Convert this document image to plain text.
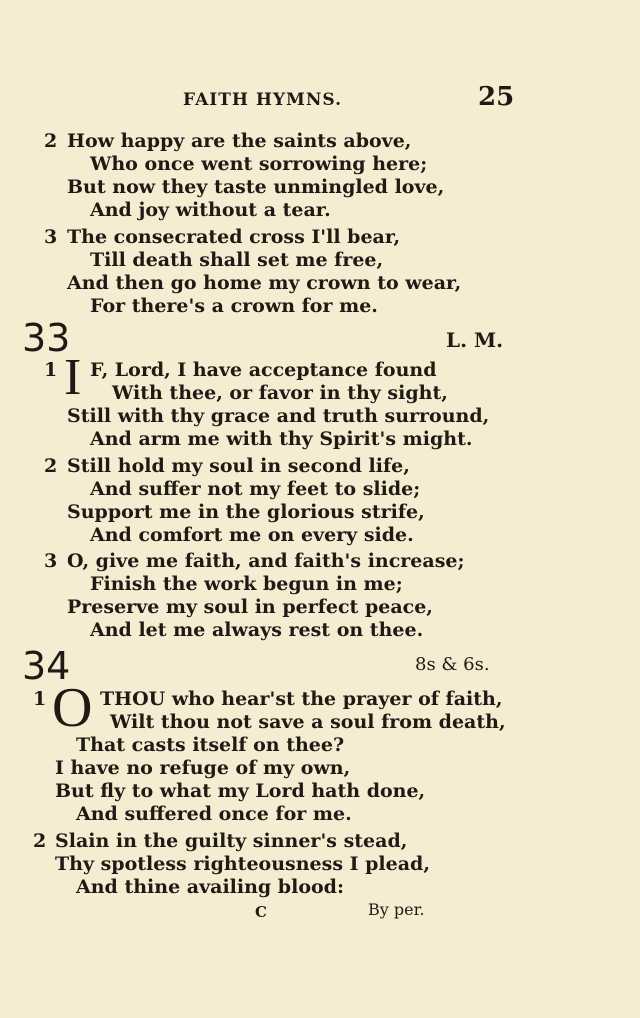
FAITH HYMNS.	25
2 How happy are the saints above,
Who once went sorrowing here;
But now they taste unmingled love,
And joy without a tear.
3 The consecrated cross I'll bear,
Till death shall set me free,
And then go home my crown to wear,
For there's a crown for me.
33	L. M.
1 I F, Lord, I have acceptance found
With thee, or favor in thy sight,
Still with thy grace and truth surround,
And arm me with thy Spirit's might.
2 Still hold my soul in second life,
And suffer not my feet to slide;
Support me in the glorious strife,
And comfort me on every side.
3 O, give me faith, and faith's increase;
Finish the work begun in me;
Preserve my soul in perfect peace,
And let me always rest on thee.
34	8s & 6s.
1 O THOU who hear'st the prayer of faith,
Wilt thou not save a soul from death,
That casts itself on thee?
I have no refuge of my own,
But fly to what my Lord hath done,
And suffered once for me.
2 Slain in the guilty sinner's stead,
Thy spotless righteousness I plead,
And thine availing blood:
C	By per.
